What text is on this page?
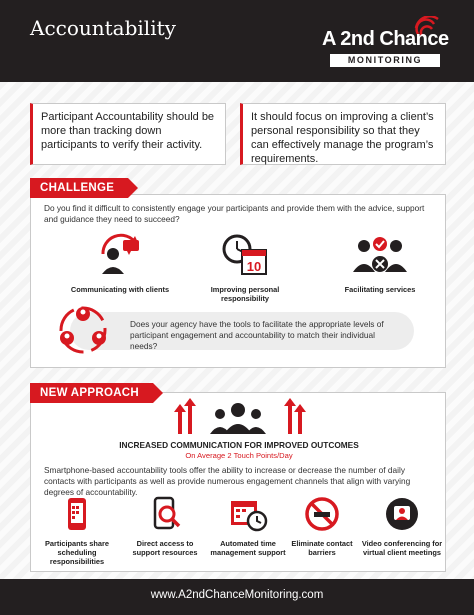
Accountability	A 2nd Chance
MONITORING
Participant Accountability should be more than tracking down participants to verify their activity.
It should focus on improving a client’s personal responsibility so that they can effectively manage the program’s requirements.
CHALLENGE
Do you find it difficult to consistently engage your participants and provide them with the advice, support and guidance they need to succeed?
Communicating with clients
10
Improving personal responsibility
Facilitating services
Does your agency have the tools to facilitate the appropriate levels of participant engagement and accountability to match their individual needs?
NEW APPROACH
INCREASED COMMUNICATION FOR IMPROVED OUTCOMES
On Average 2 Touch Points/Day
Smartphone-based accountability tools offer the ability to increase or decrease the number of daily contacts with participants as well as provide numerous engagement channels that align with varying degrees of accountability.
Participants share
scheduling responsibilities
Direct access to
support resources
Automated time
management support
Eliminate contact
barriers
Video conferencing for
virtual client meetings
www.A2ndChanceMonitoring.com
